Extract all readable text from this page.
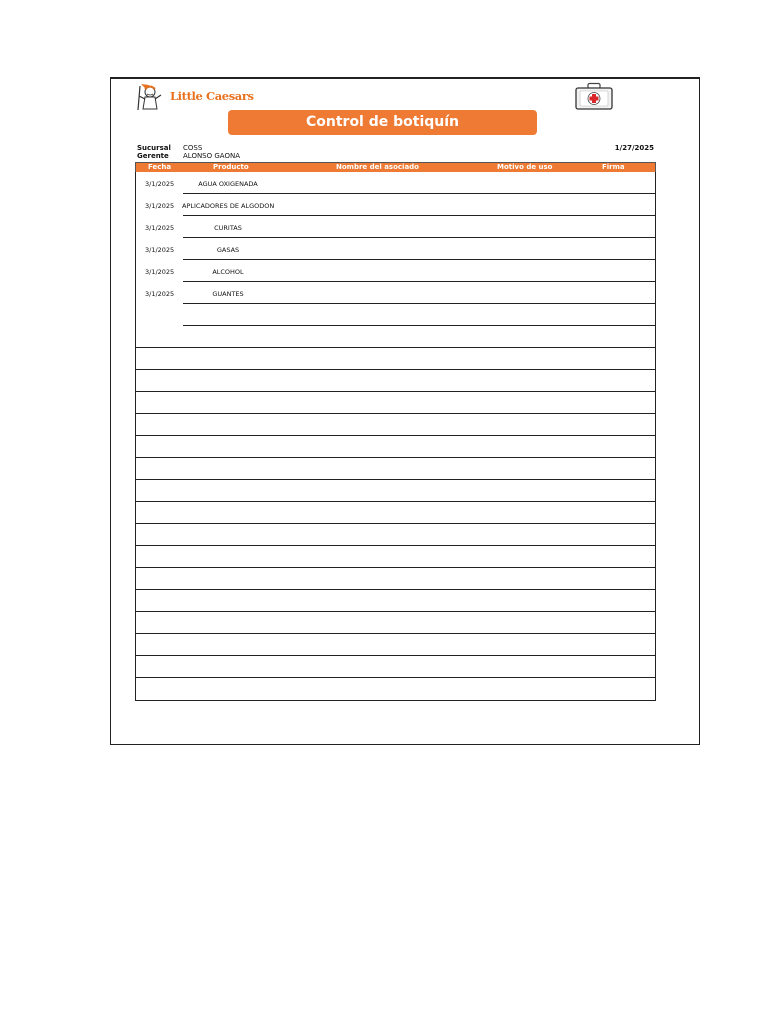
Little Caesars
Control de botiquín
Sucursal COSS
Gerente ALONSO GAONA
1/27/2025
Fecha	Producto	Nombre del asociado	Motivo de uso	Firma
3/1/2025	AGUA OXIGENADA
3/1/2025 APLICADORES DE ALGODON
3/1/2025	CURITAS
3/1/2025	GASAS
3/1/2025	ALCOHOL
3/1/2025	GUANTES
